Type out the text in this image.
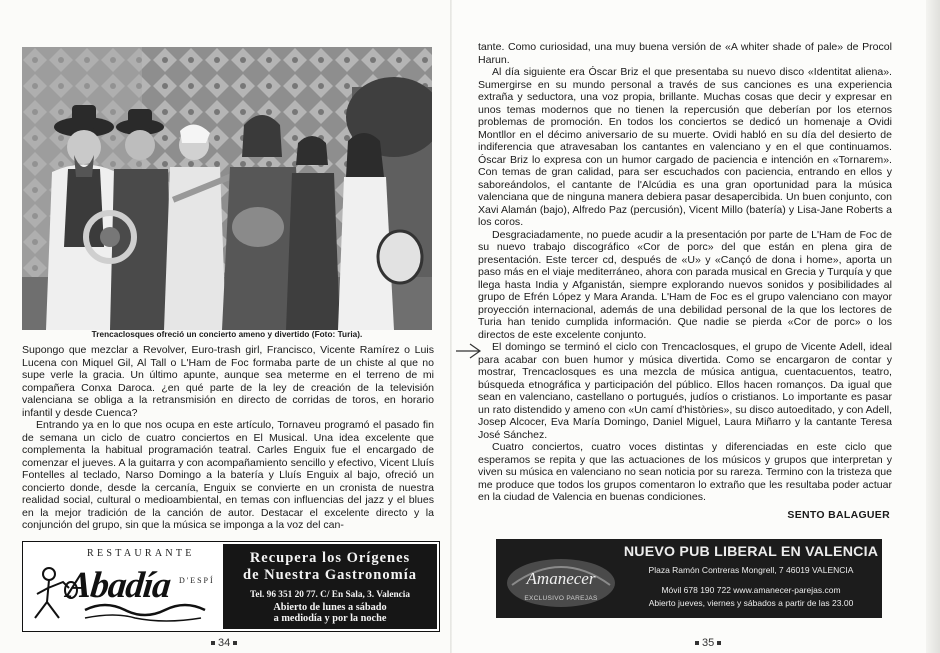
Trencaclosques ofreció un concierto ameno y divertido (Foto: Turia).

Supongo que mezclar a Revolver, Euro-trash girl, Francisco, Vicente Ramírez o Luis Lucena con Miquel Gil, Al Tall o L'Ham de Foc formaba parte de un chiste al que no supe verle la gracia. Un último apunte, aunque sea meterme en el terreno de mi compañera Conxa Daroca. ¿en qué parte de la ley de creación de la televisión valenciana se obliga a la retransmisión en directo de corridas de toros, en horario infantil y desde Cuenca?

Entrando ya en lo que nos ocupa en este artículo, Tornaveu programó el pasado fin de semana un ciclo de cuatro conciertos en El Musical. Una idea excelente que complementa la habitual programación teatral. Carles Enguix fue el encargado de comenzar el jueves. A la guitarra y con acompañamiento sencillo y efectivo, Vicent Lluís Fontelles al teclado, Narso Domingo a la batería y Lluís Enguix al bajo, ofreció un concierto donde, desde la cercanía, Enguix se convierte en un cronista de nuestra realidad social, cultural o medioambiental, en temas con influencias del jazz y el blues en la mejor tradición de la canción de autor. Destacar el excelente directo y la conjunción del grupo, sin que la música se imponga a la voz del can-

RESTAURANTE
Abadía D'ESPÍ
Recupera los Orígenes
de Nuestra Gastronomía
Tel. 96 351 20 77. C/ En Sala, 3. Valencia
Abierto de lunes a sábado
a mediodía y por la noche
34

tante. Como curiosidad, una muy buena versión de «A whiter shade of pale» de Procol Harun.

Al día siguiente era Óscar Briz el que presentaba su nuevo disco «Identitat aliena». Sumergirse en su mundo personal a través de sus canciones es una experiencia extraña y seductora, una voz propia, brillante. Muchas cosas que decir y expresar en unos temas modernos que no tienen la repercusión que deberían por los eternos problemas de promoción. En todos los conciertos se dedicó un homenaje a Ovidi Montllor en el décimo aniversario de su muerte. Ovidi habló en su día del desierto de indiferencia que atravesaban los cantantes en valenciano y en el que continuamos. Óscar Briz lo expresa con un humor cargado de paciencia e intención en «Tornarem». Con temas de gran calidad, para ser escuchados con paciencia, entrando en ellos y saboreándolos, el cantante de l'Alcúdia es una gran oportunidad para la música valenciana que de ninguna manera debiera pasar desapercibida. Un buen conjunto, con Xavi Alamán (bajo), Alfredo Paz (percusión), Vicent Millo (batería) y Lisa-Jane Roberts a los coros.

Desgraciadamente, no puede acudir a la presentación por parte de L'Ham de Foc de su nuevo trabajo discográfico «Cor de porc» del que están en plena gira de presentación. Este tercer cd, después de «U» y «Cançó de dona i home», aporta un paso más en el viaje mediterráneo, ahora con parada musical en Grecia y Turquía y que llega hasta India y Afganistán, siempre explorando nuevos sonidos y posibilidades al grupo de Efrén López y Mara Aranda. L'Ham de Foc es el grupo valenciano con mayor proyección internacional, además de una debilidad personal de la que los lectores de Turia han tenido cumplida información. Que nadie se pierda «Cor de porc» o los directos de este excelente conjunto.

El domingo se terminó el ciclo con Trencaclosques, el grupo de Vicente Adell, ideal para acabar con buen humor y música divertida. Como se encargaron de contar y mostrar, Trencaclosques es una mezcla de música antigua, cuentacuentos, teatro, búsqueda etnográfica y participación del público. Ellos hacen romanços. Da igual que sean en valenciano, castellano o portugués, judíos o cristianos. Lo importante es pasar un rato distendido y ameno con «Un camí d'històries», su disco autoeditado, y con Adell, Josep Alcocer, Eva María Domingo, Daniel Miguel, Laura Miñarro y la cantante Teresa José Sánchez.

Cuatro conciertos, cuatro voces distintas y diferenciadas en este ciclo que esperamos se repita y que las actuaciones de los músicos y grupos que interpretan y viven su música en valenciano no sean noticia por su rareza. Termino con la tristeza que me produce que todos los grupos comentaron lo extraño que les resultaba poder actuar en la ciudad de Valencia en buenas condiciones.

SENTO BALAGUER
Amanecer
EXCLUSIVO PAREJAS
NUEVO PUB LIBERAL EN VALENCIA
Plaza Ramón Contreras Mongrell, 7 46019 VALENCIA
Móvil 678 190 722 www.amanecer-parejas.com
Abierto jueves, viernes y sábados a partir de las 23.00
35
